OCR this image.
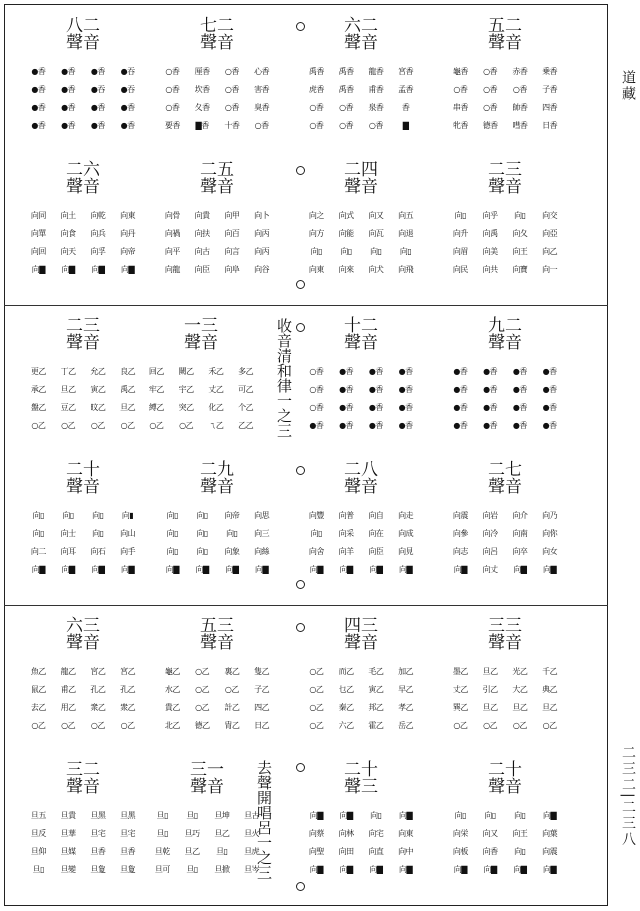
道藏
二三二|二三八
收音清和律一之三
去聲開唱呂一之三
八二
聲音
●香	●香	●香	●吞
●香	●香	●吞	●吞
●香	●香	●香	●香
●香	●香	●香	●香
七二
聲音
○香	厘香	○香	心香
○香	坎香	○香	害香
○香	夂香	○香	臭香
要香	▇香	十香	○香
六二
聲音
禹香	禹香	龍香	宮香
虎香	禹香	甫香	孟香
○香	○香	泉香	香
○香	○香	○香	▇
五二
聲音
龜香	○香	赤香	乗香
○香	○香	○香	子香
串香	○香	帥香	四香
牝香	德香	嘒香	日香
二六
聲音
向同	向土	向乾	向東
向單	向食	向兵	向丹
向回	向天	向孚	向帝
向▇	向▇	向▇	向▇
二五
聲音
向骨	向貴	向甲	向卜
向禍	向扶	向百	向丙
向平	向古	向言	向丙
向龍	向臣	向阜	向谷
二四
聲音
向之	向式	向又	向五
向方	向能	向瓦	向退
向▯	向▯	向▯	向▯
向東	向來	向犬	向飛
二三
聲音
向▯	向乎	向▯	向交
向升	向禹	向夂	向亞
向眉	向美	向王	向乙
向民	向共	向寶	向一
二三
聲音
更乙	丁乙	允乙	良乙
承乙	旦乙	寅乙	禹乙
盤乙	豆乙	旼乙	旦乙
○乙	○乙	○乙	○乙
一三
聲音
回乙	闕乙	禾乙	多乙
牢乙	宇乙	丈乙	可乙
縛乙	突乙	化乙	个乙
○乙	○乙	ㄟ乙	乙乙
十二
聲音
○香	●香	●香	●香
○香	●香	●香	●香
○香	●香	●香	●香
●香	●香	●香	●香
九二
聲音
●香	●香	●香	●香
●香	●香	●香	●香
●香	●香	●香	●香
●香	●香	●香	●香
二十
聲音
向▯	向▯	向▯	向▮
向▯	向士	向▯	向山
向二	向耳	向石	向手
向▇	向▇	向▇	向▇
二九
聲音
向▯	向▯	向帝	向思
向▯	向▯	向▯	向三
向▯	向▯	向象	向絲
向▇	向▇	向▇	向▇
二八
聲音
向豐	向普	向自	向走
向▯	向采	向在	向成
向舍	向羊	向臣	向見
向▇	向▇	向▇	向▇
二七
聲音
向震	向岩	向介	向乃
向參	向冷	向南	向你
向志	向呂	向卒	向女
向▇	向丈	向▇	向▇
六三
聲音
魚乙	龍乙	宮乙	宮乙
鼠乙	甫乙	孔乙	孔乙
去乙	用乙	衆乙	衆乙
○乙	○乙	○乙	○乙
五三
聲音
龜乙	○乙	裏乙	隻乙
水乙	○乙	○乙	子乙
貴乙	○乙	計乙	四乙
北乙	德乙	胄乙	日乙
四三
聲音
○乙	而乙	毛乙	加乙
○乙	乜乙	寅乙	早乙
○乙	秦乙	邦乙	孝乙
○乙	六乙	霍乙	岳乙
三三
聲音
墨乙	旦乙	光乙	千乙
丈乙	引乙	大乙	典乙
巽乙	旦乙	旦乙	旦乙
○乙	○乙	○乙	○乙
三二
聲音
旦五	旦貴	旦黑	旦黑
旦反	旦華	旦宅	旦宅
旦仰	旦媒	旦香	旦香
旦▯	旦變	旦夐	旦夐
三一
聲音
旦▯	旦▯	旦坤	旦古
旦▯	旦巧	旦乙	旦火
旦乾	旦乙	旦▯	旦虎
旦可	旦▯	旦掀	旦岑
二十
聲三
向▇	向▇	向▯	向▇
向蔡	向林	向宅	向東
向聖	向田	向直	向中
向▇	向▇	向▇	向▇
二十
聲音
向▯	向▯	向▯	向▇
向栄	向又	向王	向葉
向板	向香	向▯	向震
向▇	向▇	向▇	向▇
